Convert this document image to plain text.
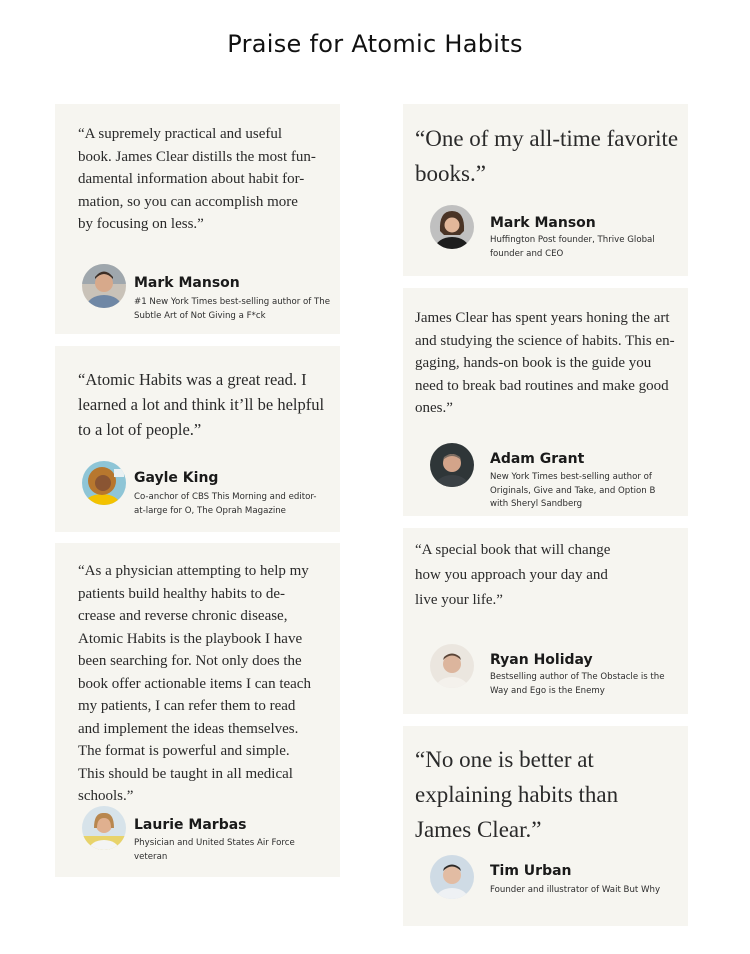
Praise for Atomic Habits

“A supremely practical and useful
book. James Clear distills the most fun-
damental information about habit for-
mation, so you can accomplish more
by focusing on less.”

Mark Manson
#1 New York Times best-selling author of The
Subtle Art of Not Giving a F*ck

“Atomic Habits was a great read. I
learned a lot and think it’ll be helpful
to a lot of people.”

Gayle King
Co-anchor of CBS This Morning and editor-
at-large for O, The Oprah Magazine

“As a physician attempting to help my
patients build healthy habits to de-
crease and reverse chronic disease,
Atomic Habits is the playbook I have
been searching for. Not only does the
book offer actionable items I can teach
my patients, I can refer them to read
and implement the ideas themselves.
The format is powerful and simple.
This should be taught in all medical
schools.”

Laurie Marbas
Physician and United States Air Force
veteran

“One of my all-time favorite
books.”

Mark Manson
Huffington Post founder, Thrive Global
founder and CEO

James Clear has spent years honing the art
and studying the science of habits. This en-
gaging, hands-on book is the guide you
need to break bad routines and make good
ones.”

Adam Grant
New York Times best-selling author of
Originals, Give and Take, and Option B
with Sheryl Sandberg

“A special book that will change
how you approach your day and
live your life.”

Ryan Holiday
Bestselling author of The Obstacle is the
Way and Ego is the Enemy

“No one is better at
explaining habits than
James Clear.”

Tim Urban
Founder and illustrator of Wait But Why
